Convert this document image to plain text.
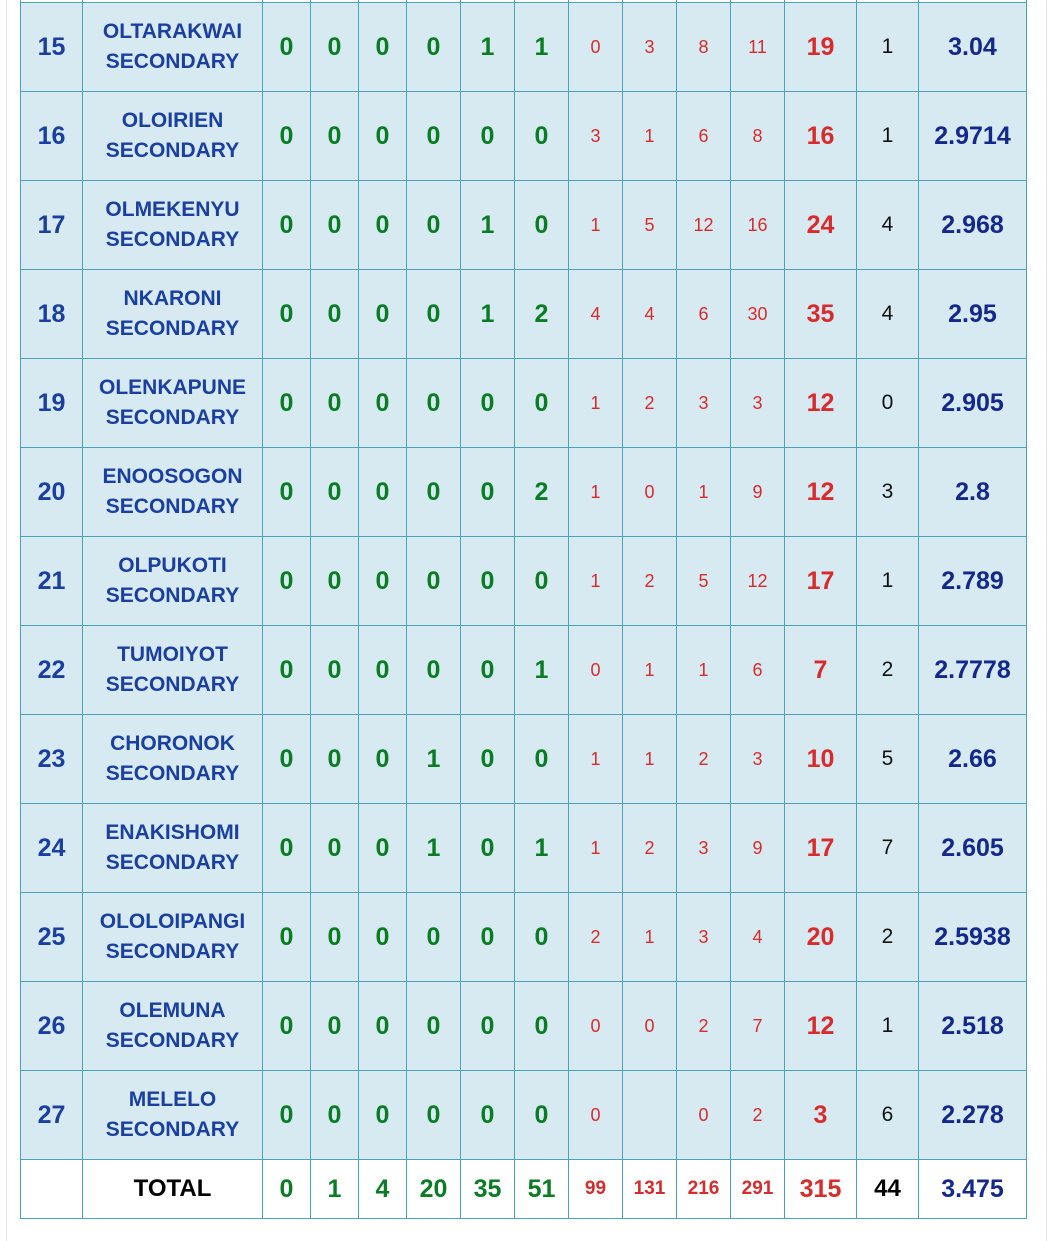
15	OLTARAKWAI
SECONDARY	0	0	0	0	1	1	0	3	8	11	19	1	3.04
16	OLOIRIEN
SECONDARY	0	0	0	0	0	0	3	1	6	8	16	1	2.9714
17	OLMEKENYU
SECONDARY	0	0	0	0	1	0	1	5	12	16	24	4	2.968
18	NKARONI
SECONDARY	0	0	0	0	1	2	4	4	6	30	35	4	2.95
19	OLENKAPUNE
SECONDARY	0	0	0	0	0	0	1	2	3	3	12	0	2.905
20	ENOOSOGON
SECONDARY	0	0	0	0	0	2	1	0	1	9	12	3	2.8
21	OLPUKOTI
SECONDARY	0	0	0	0	0	0	1	2	5	12	17	1	2.789
22	TUMOIYOT
SECONDARY	0	0	0	0	0	1	0	1	1	6	7	2	2.7778
23	CHORONOK
SECONDARY	0	0	0	1	0	0	1	1	2	3	10	5	2.66
24	ENAKISHOMI
SECONDARY	0	0	0	1	0	1	1	2	3	9	17	7	2.605
25	OLOLOIPANGI
SECONDARY	0	0	0	0	0	0	2	1	3	4	20	2	2.5938
26	OLEMUNA
SECONDARY	0	0	0	0	0	0	0	0	2	7	12	1	2.518
27	MELELO
SECONDARY	0	0	0	0	0	0	0		0	2	3	6	2.278
	TOTAL	0	1	4	20	35	51	99	131	216	291	315	44	3.475
